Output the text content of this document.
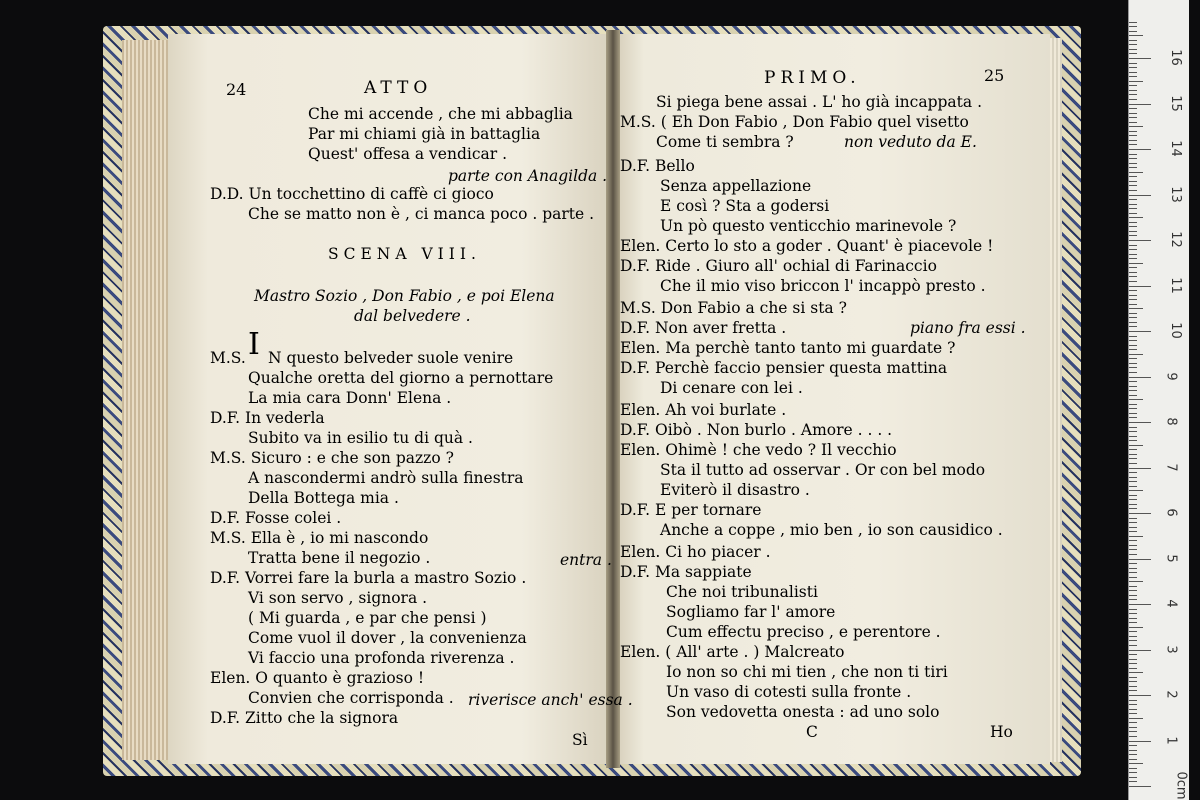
24	ATTO
25
PRIMO.
I
Che mi accende , che mi abbaglia
Par mi chiami già in battaglia
Quest' offesa a vendicar .
parte con Anagilda .
D.D. Un tocchettino di caffè ci gioco
Che se matto non è , ci manca poco . parte .
SCENA VIII.
Mastro Sozio , Don Fabio , e poi Elena
dal belvedere .
M.S. N questo belveder suole venire
Qualche oretta del giorno a pernottare
La mia cara Donn' Elena .
D.F. In vederla
Subito va in esilio tu di quà .
M.S. Sicuro : e che son pazzo ?
A nascondermi andrò sulla finestra
Della Bottega mia .
D.F. Fosse colei .
M.S. Ella è , io mi nascondo
Tratta bene il negozio .	entra .
D.F. Vorrei fare la burla a mastro Sozio .
Vi son servo , signora .
( Mi guarda , e par che pensi )
Come vuol il dover , la convenienza
Vi faccio una profonda riverenza .
Elen. O quanto è grazioso !
Convien che corrisponda . riverisce anch' essa .
D.F. Zitto che la signora
Si piega bene assai . L' ho già incappata .
M.S. ( Eh Don Fabio , Don Fabio quel visetto
Come ti sembra ?	non veduto da E.
D.F. Bello
Senza appellazione
E così ? Sta a godersi
Un pò questo venticchio marinevole ?
Elen. Certo lo sto a goder . Quant' è piacevole !
D.F. Ride . Giuro all' ochial di Farinaccio
Che il mio viso briccon l' incappò presto .
M.S. Don Fabio a che si sta ?
D.F. Non aver fretta .	piano fra essi .
Elen. Ma perchè tanto tanto mi guardate ?
D.F. Perchè faccio pensier questa mattina
Di cenare con lei .
Elen. Ah voi burlate .
D.F. Oibò . Non burlo . Amore . . . .
Elen. Ohimè ! che vedo ? Il vecchio
Sta il tutto ad osservar . Or con bel modo
Eviterò il disastro .
D.F. E per tornare
Anche a coppe , mio ben , io son causidico .
Elen. Ci ho piacer .
D.F. Ma sappiate
Che noi tribunalisti
Sogliamo far l' amore
Cum effectu preciso , e perentore .
Elen. ( All' arte . ) Malcreato
Io non so chi mi tien , che non ti tiri
Un vaso di cotesti sulla fronte .
Son vedovetta onesta : ad uno solo
Sì	C	Ho
0cm
1
2
3
4
5
6
7
8
9
10
11
12
13
14
15
16
